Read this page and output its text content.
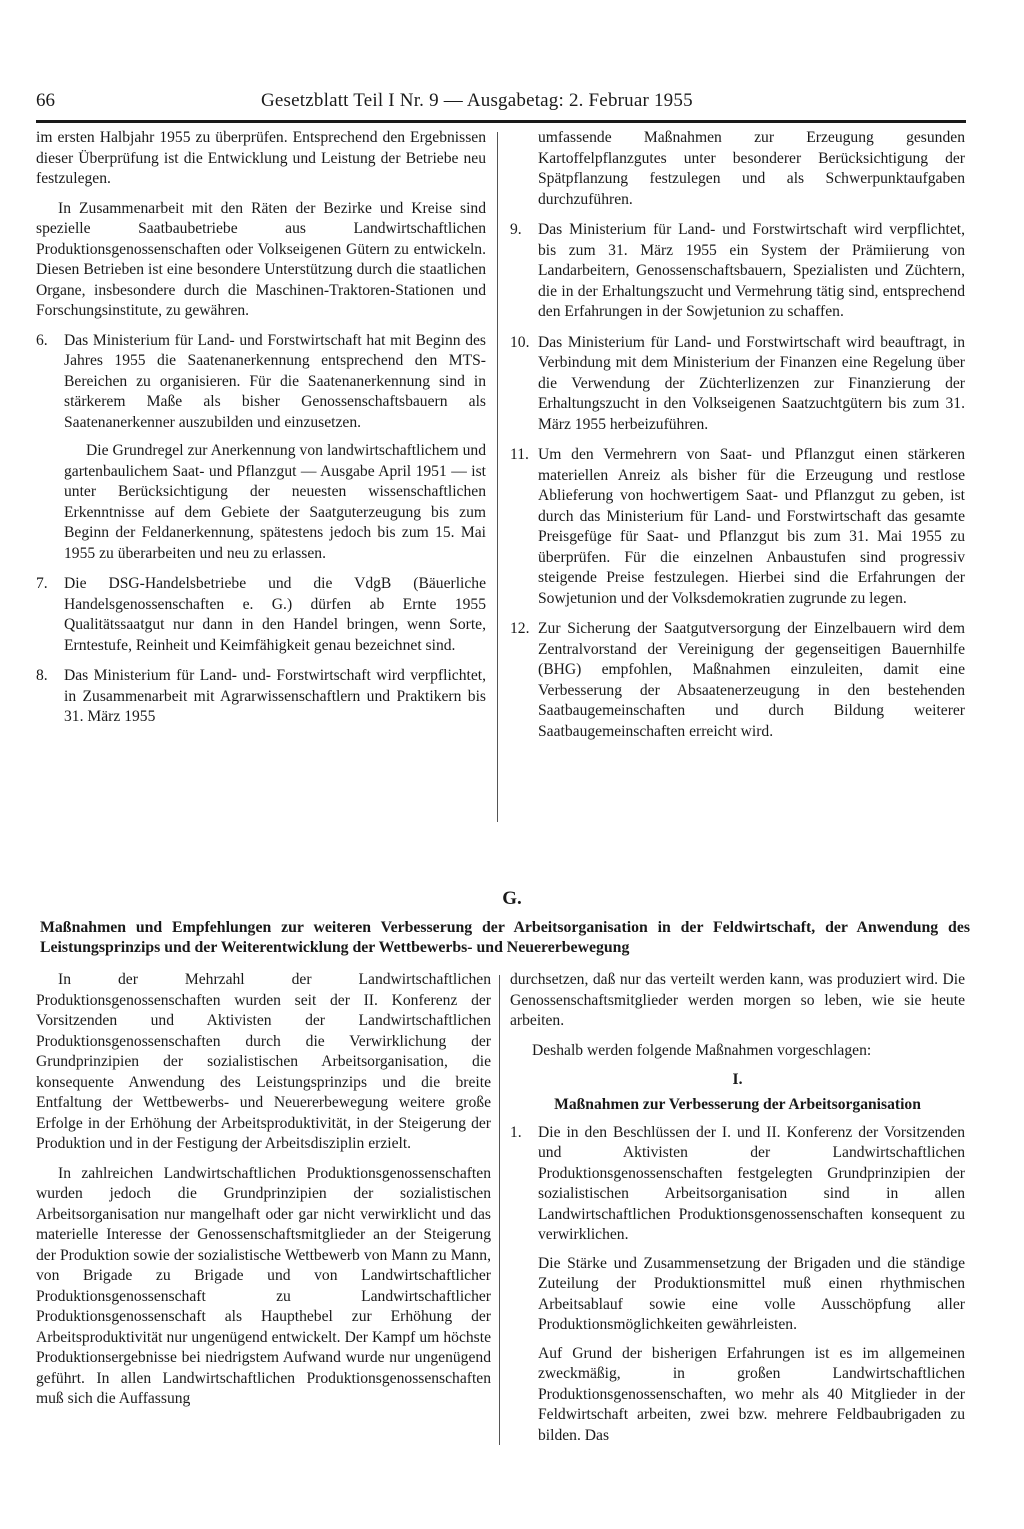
66	Gesetzblatt Teil I Nr. 9 — Ausgabetag: 2. Februar 1955

im ersten Halbjahr 1955 zu überprüfen. Entsprechend den Ergebnissen dieser Überprüfung ist die Entwicklung und Leistung der Betriebe neu festzulegen.

In Zusammenarbeit mit den Räten der Bezirke und Kreise sind spezielle Saatbaubetriebe aus Landwirtschaftlichen Produktionsgenossenschaften oder Volkseigenen Gütern zu entwickeln. Diesen Betrieben ist eine besondere Unterstützung durch die staatlichen Organe, insbesondere durch die Maschinen-Traktoren-Stationen und Forschungsinstitute, zu gewähren.

6. Das Ministerium für Land- und Forstwirtschaft hat mit Beginn des Jahres 1955 die Saatenanerkennung entsprechend den MTS-Bereichen zu organisieren. Für die Saatenanerkennung sind in stärkerem Maße als bisher Genossenschaftsbauern als Saatenanerkenner auszubilden und einzusetzen.

Die Grundregel zur Anerkennung von landwirtschaftlichem und gartenbaulichem Saat- und Pflanzgut — Ausgabe April 1951 — ist unter Berücksichtigung der neuesten wissenschaftlichen Erkenntnisse auf dem Gebiete der Saatguterzeugung bis zum Beginn der Feldanerkennung, spätestens jedoch bis zum 15. Mai 1955 zu überarbeiten und neu zu erlassen.

7. Die DSG-Handelsbetriebe und die VdgB (Bäuerliche Handelsgenossenschaften e. G.) dürfen ab Ernte 1955 Qualitätssaatgut nur dann in den Handel bringen, wenn Sorte, Erntestufe, Reinheit und Keimfähigkeit genau bezeichnet sind.

8. Das Ministerium für Land- und- Forstwirtschaft wird verpflichtet, in Zusammenarbeit mit Agrarwissenschaftlern und Praktikern bis 31. März 1955

umfassende Maßnahmen zur Erzeugung gesunden Kartoffelpflanzgutes unter besonderer Berücksichtigung der Spätpflanzung festzulegen und als Schwerpunktaufgaben durchzuführen.

9. Das Ministerium für Land- und Forstwirtschaft wird verpflichtet, bis zum 31. März 1955 ein System der Prämiierung von Landarbeitern, Genossenschaftsbauern, Spezialisten und Züchtern, die in der Erhaltungszucht und Vermehrung tätig sind, entsprechend den Erfahrungen in der Sowjetunion zu schaffen.

10. Das Ministerium für Land- und Forstwirtschaft wird beauftragt, in Verbindung mit dem Ministerium der Finanzen eine Regelung über die Verwendung der Züchterlizenzen zur Finanzierung der Erhaltungszucht in den Volkseigenen Saatzuchtgütern bis zum 31. März 1955 herbeizuführen.

11. Um den Vermehrern von Saat- und Pflanzgut einen stärkeren materiellen Anreiz als bisher für die Erzeugung und restlose Ablieferung von hochwertigem Saat- und Pflanzgut zu geben, ist durch das Ministerium für Land- und Forstwirtschaft das gesamte Preisgefüge für Saat- und Pflanzgut bis zum 31. Mai 1955 zu überprüfen. Für die einzelnen Anbaustufen sind progressiv steigende Preise festzulegen. Hierbei sind die Erfahrungen der Sowjetunion und der Volksdemokratien zugrunde zu legen.

12. Zur Sicherung der Saatgutversorgung der Einzelbauern wird dem Zentralvorstand der Vereinigung der gegenseitigen Bauernhilfe (BHG) empfohlen, Maßnahmen einzuleiten, damit eine Verbesserung der Absaatenerzeugung in den bestehenden Saatbaugemeinschaften und durch Bildung weiterer Saatbaugemeinschaften erreicht wird.

G.
Maßnahmen und Empfehlungen zur weiteren Verbesserung der Arbeitsorganisation in der Feldwirtschaft, der Anwendung des Leistungsprinzips und der Weiterentwicklung der Wettbewerbs- und Neuererbewegung

In der Mehrzahl der Landwirtschaftlichen Produktionsgenossenschaften wurden seit der II. Konferenz der Vorsitzenden und Aktivisten der Landwirtschaftlichen Produktionsgenossenschaften durch die Verwirklichung der Grundprinzipien der sozialistischen Arbeitsorganisation, die konsequente Anwendung des Leistungsprinzips und die breite Entfaltung der Wettbewerbs- und Neuererbewegung weitere große Erfolge in der Erhöhung der Arbeitsproduktivität, in der Steigerung der Produktion und in der Festigung der Arbeitsdisziplin erzielt.

In zahlreichen Landwirtschaftlichen Produktionsgenossenschaften wurden jedoch die Grundprinzipien der sozialistischen Arbeitsorganisation nur mangelhaft oder gar nicht verwirklicht und das materielle Interesse der Genossenschaftsmitglieder an der Steigerung der Produktion sowie der sozialistische Wettbewerb von Mann zu Mann, von Brigade zu Brigade und von Landwirtschaftlicher Produktionsgenossenschaft zu Landwirtschaftlicher Produktionsgenossenschaft als Haupthebel zur Erhöhung der Arbeitsproduktivität nur ungenügend entwickelt. Der Kampf um höchste Produktionsergebnisse bei niedrigstem Aufwand wurde nur ungenügend geführt. In allen Landwirtschaftlichen Produktionsgenossenschaften muß sich die Auffassung

durchsetzen, daß nur das verteilt werden kann, was produziert wird. Die Genossenschaftsmitglieder werden morgen so leben, wie sie heute arbeiten.

Deshalb werden folgende Maßnahmen vorgeschlagen:

I.
Maßnahmen zur Verbesserung der Arbeitsorganisation
1. Die in den Beschlüssen der I. und II. Konferenz der Vorsitzenden und Aktivisten der Landwirtschaftlichen Produktionsgenossenschaften festgelegten Grundprinzipien der sozialistischen Arbeitsorganisation sind in allen Landwirtschaftlichen Produktionsgenossenschaften konsequent zu verwirklichen.

Die Stärke und Zusammensetzung der Brigaden und die ständige Zuteilung der Produktionsmittel muß einen rhythmischen Arbeitsablauf sowie eine volle Ausschöpfung aller Produktionsmöglichkeiten gewährleisten.

Auf Grund der bisherigen Erfahrungen ist es im allgemeinen zweckmäßig, in großen Landwirtschaftlichen Produktionsgenossenschaften, wo mehr als 40 Mitglieder in der Feldwirtschaft arbeiten, zwei bzw. mehrere Feldbaubrigaden zu bilden. Das
